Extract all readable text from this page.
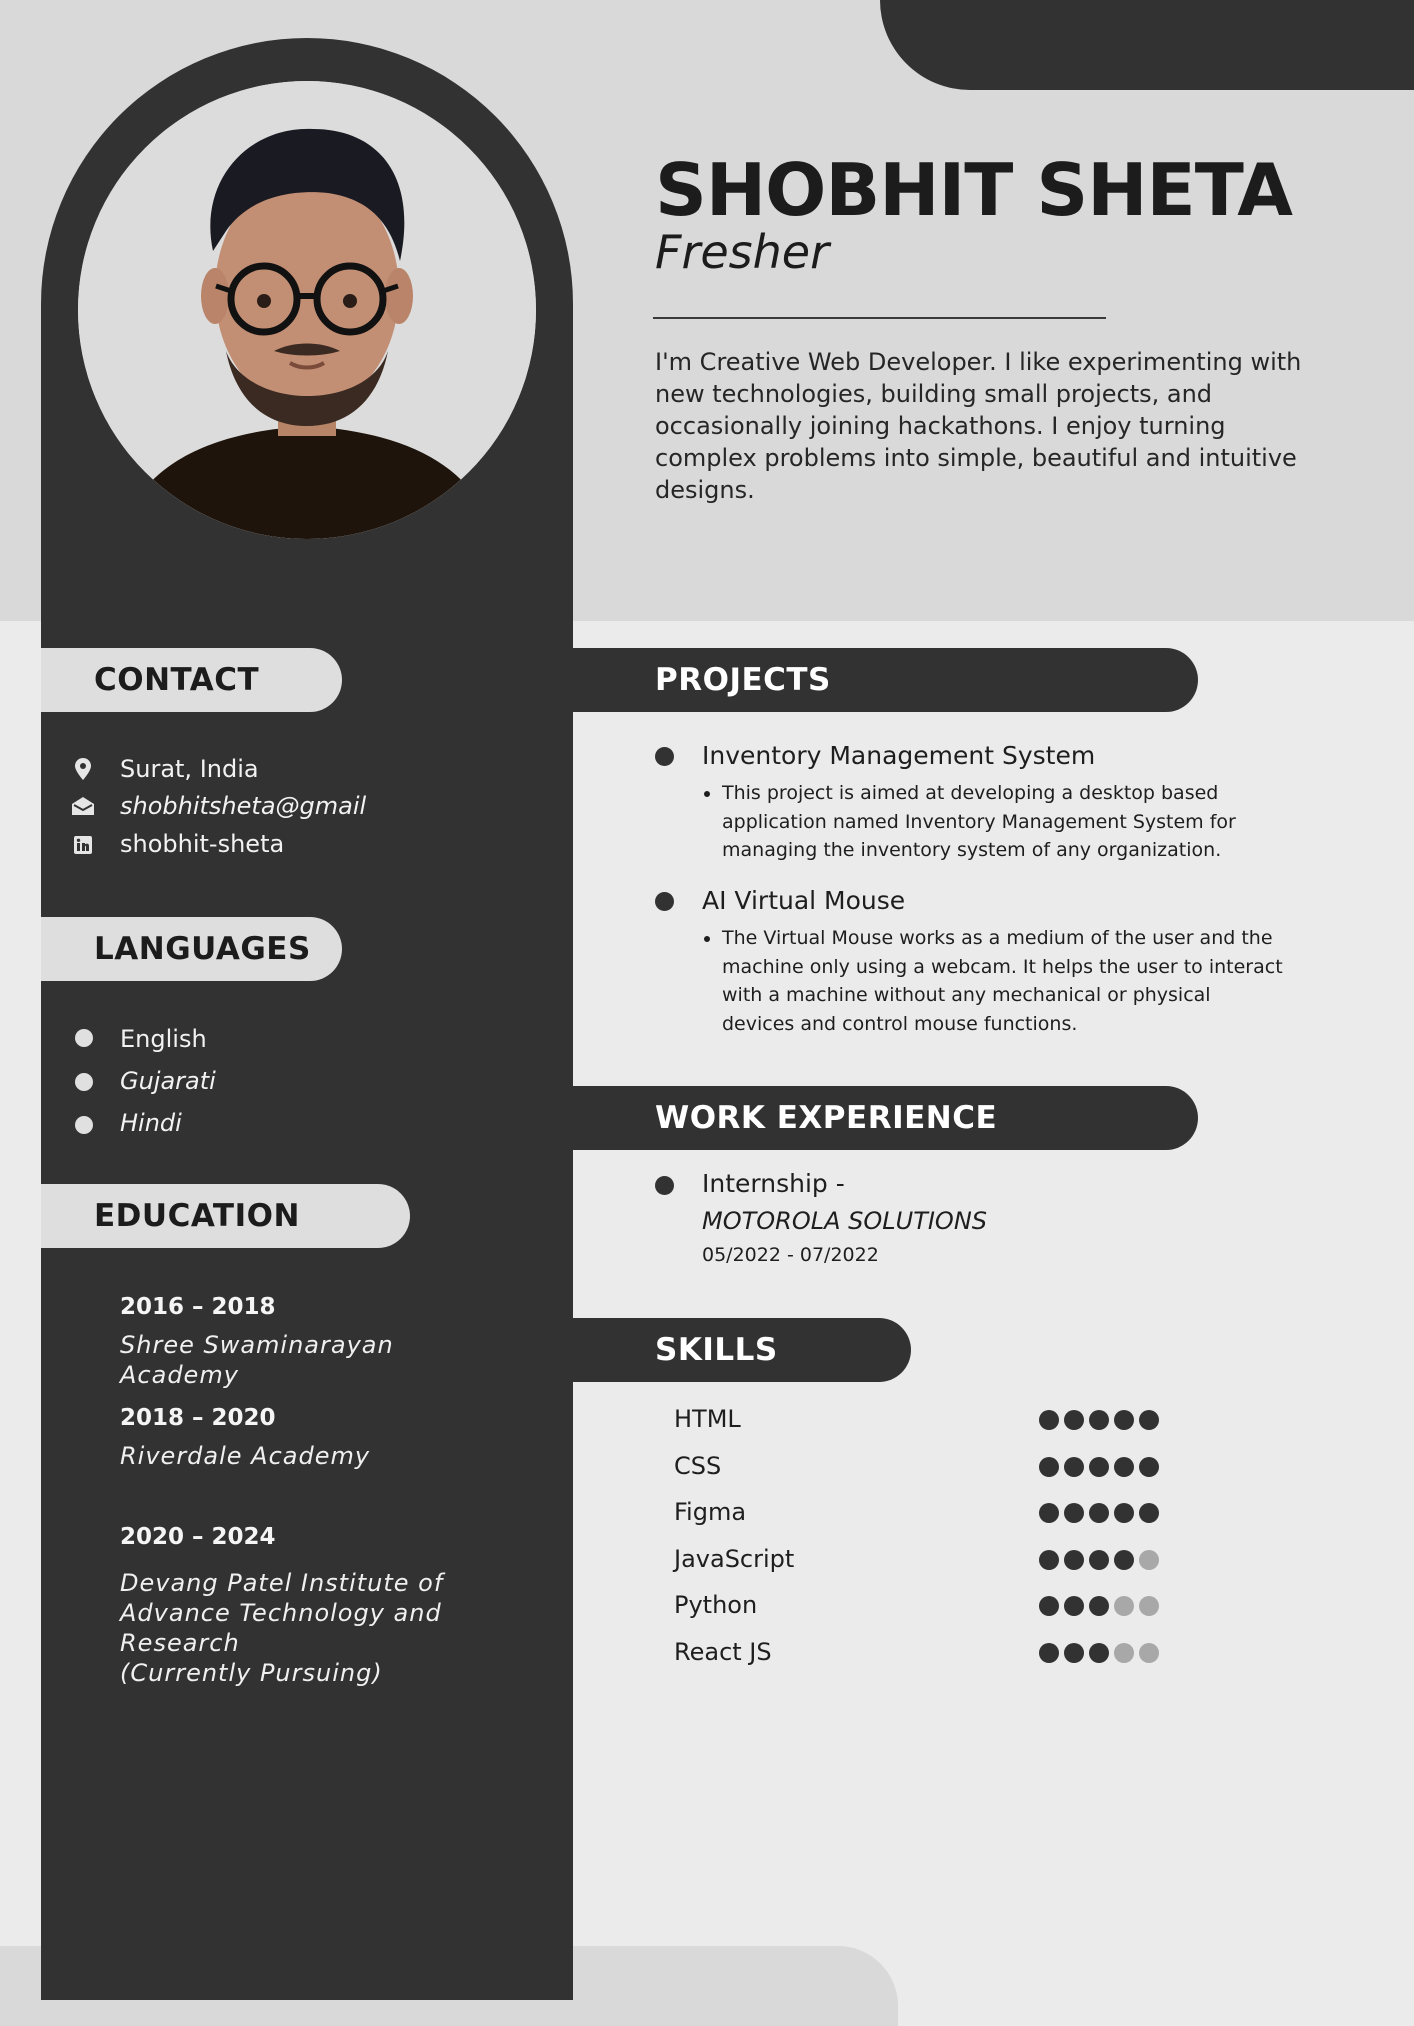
SHOBHIT SHETA
Fresher
I'm Creative Web Developer. I like experimenting with new technologies, building small projects, and occasionally joining hackathons. I enjoy turning complex problems into simple, beautiful and intuitive designs.
CONTACT
Surat, India
shobhitsheta@gmail
shobhit-sheta
LANGUAGES
English
Gujarati
Hindi
EDUCATION
2016 – 2018
Shree Swaminarayan Academy
2018 – 2020
Riverdale Academy
2020 – 2024
Devang Patel Institute of Advance Technology and Research
(Currently Pursuing)
PROJECTS
Inventory Management System
• This project is aimed at developing a desktop based application named Inventory Management System for managing the inventory system of any organization.
AI Virtual Mouse
• The Virtual Mouse works as a medium of the user and the machine only using a webcam. It helps the user to interact with a machine without any mechanical or physical devices and control mouse functions.
WORK EXPERIENCE
Internship -
MOTOROLA SOLUTIONS
05/2022 - 07/2022
SKILLS
HTML
CSS
Figma
JavaScript
Python
React JS
